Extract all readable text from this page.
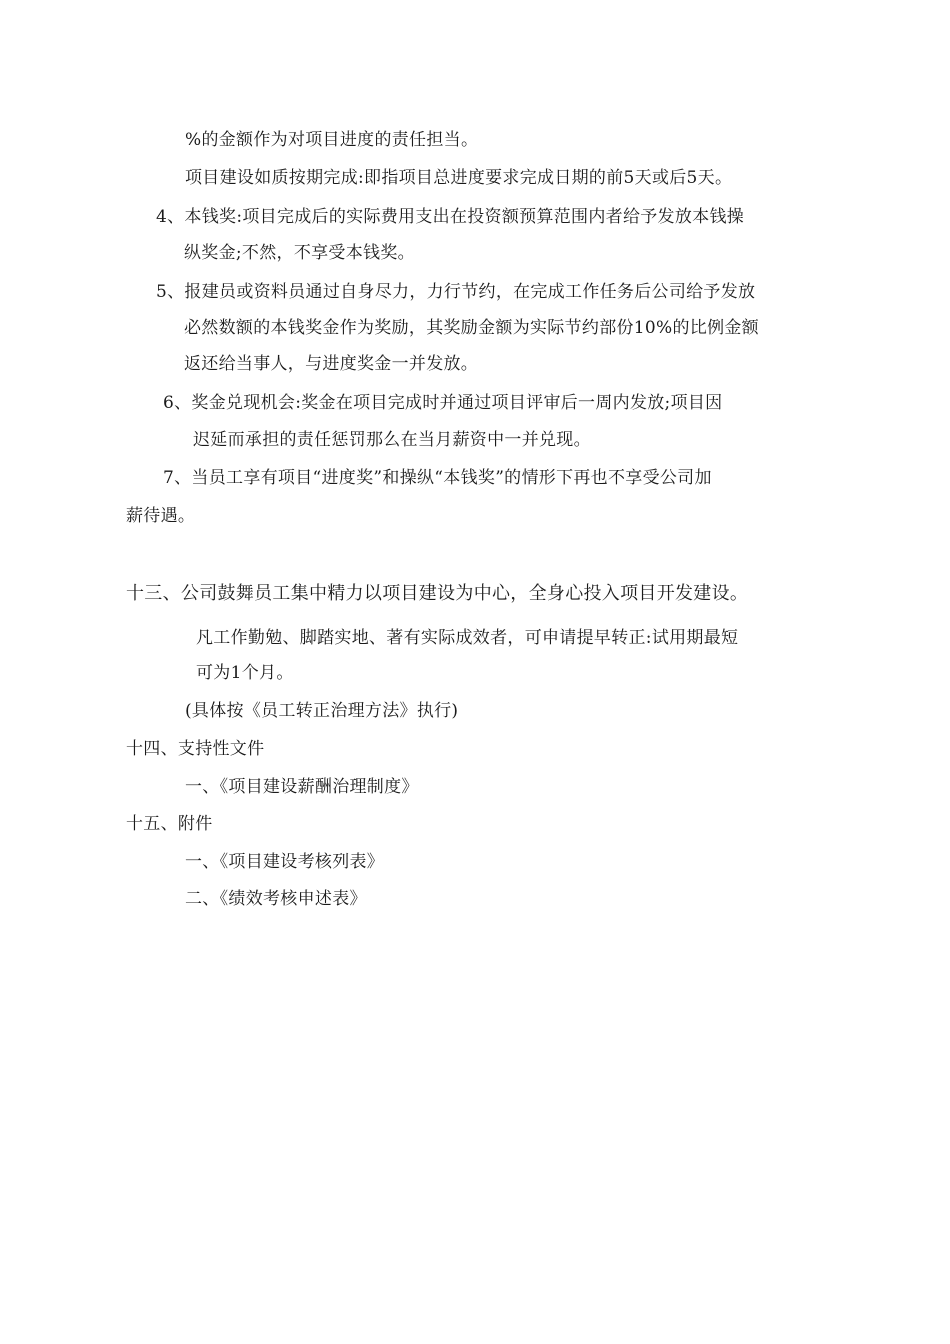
%的金额作为对项目进度的责任担当。
项目建设如质按期完成:即指项目总进度要求完成日期的前5天或后5天。
4、本钱奖:项目完成后的实际费用支出在投资额预算范围内者给予发放本钱操
纵奖金;不然，不享受本钱奖。
5、报建员或资料员通过自身尽力，力行节约，在完成工作任务后公司给予发放
必然数额的本钱奖金作为奖励，其奖励金额为实际节约部份10%的比例金额
返还给当事人，与进度奖金一并发放。
6、奖金兑现机会:奖金在项目完成时并通过项目评审后一周内发放;项目因
迟延而承担的责任惩罚那么在当月薪资中一并兑现。
7、当员工享有项目“进度奖”和操纵“本钱奖”的情形下再也不享受公司加
薪待遇。
十三、公司鼓舞员工集中精力以项目建设为中心，全身心投入项目开发建设。
凡工作勤勉、脚踏实地、著有实际成效者，可申请提早转正:试用期最短
可为1个月。
(具体按《员工转正治理方法》执行)
十四、支持性文件
一、《项目建设薪酬治理制度》
十五、附件
一、《项目建设考核列表》
二、《绩效考核申述表》
